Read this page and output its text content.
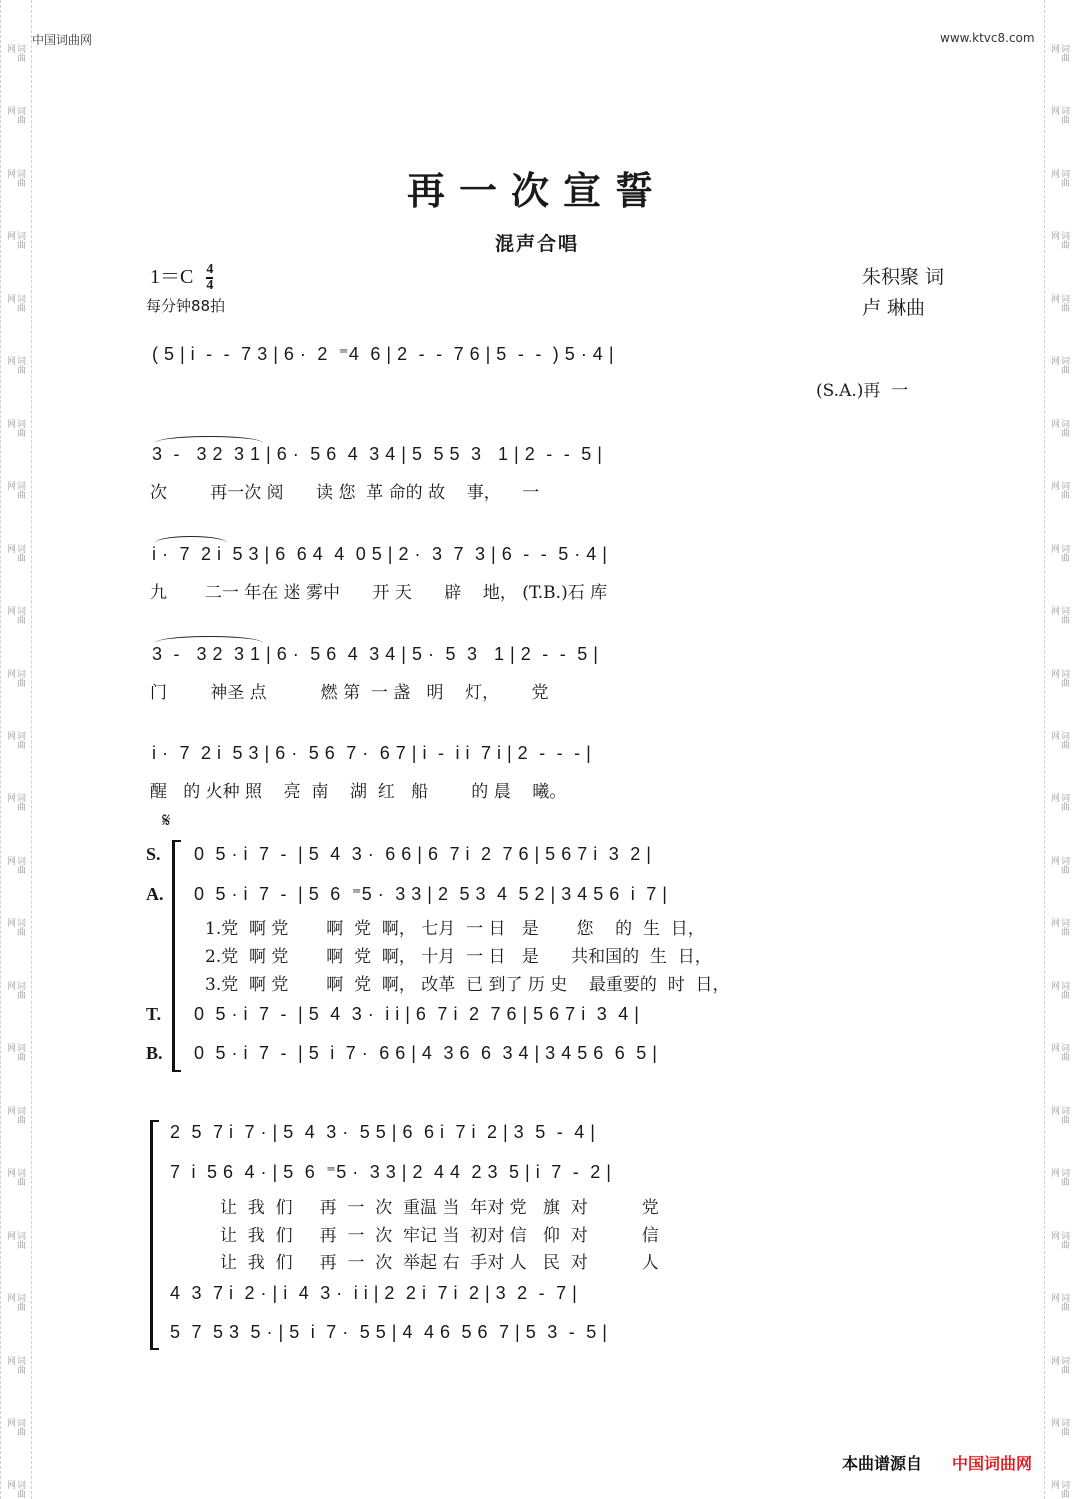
词曲网
词曲网
词曲网
词曲网
词曲网
词曲网
词曲网
词曲网
词曲网
词曲网
词曲网
词曲网
词曲网
词曲网
词曲网
词曲网
词曲网
词曲网
词曲网
词曲网
词曲网
词曲网
词曲网
词曲网
词曲网
词曲网
词曲网
词曲网
词曲网
词曲网
词曲网
词曲网
词曲网
词曲网
词曲网
词曲网
词曲网
词曲网
词曲网
词曲网
词曲网
词曲网
词曲网
词曲网
词曲网
词曲网
词曲网
词曲网
中国词曲网	www.ktvc8.com
再一次宣誓
混声合唱
$1=C \frac{4}{4}$
每分钟88拍
朱积聚 词
卢 琳曲
( 5 | i  -  -  7 3 | 6 ·  2  ⁼4  6 | 2  -  -  7 6 | 5  -  -  ) 5 · 4 |
(S.A.)再  一
3  -   3 2  3 1 | 6 ·  5 6  4  3 4 | 5  5 5  3   1 | 2  -  -  5 |
次        再一次 阅      读 您  革 命的 故    事，    一
i ·  7  2 i  5 3 | 6  6 4  4  0 5 | 2 ·  3  7  3 | 6  -  -  5 · 4 |
九       二一 年在 迷 雾中      开 天      辟    地， (T.B.)石 库
3  -   3 2  3 1 | 6 ·  5 6  4  3 4 | 5 ·  5  3   1 | 2  -  -  5 |
门        神圣 点          燃 第  一 盏   明    灯，      党
i ·  7  2 i  5 3 | 6 ·  5 6  7 ·  6 7 | i  -  i i  7 i | 2  -  -  - |
醒   的 火种 照    亮  南    湖  红   船        的 晨    曦。
𝄋
S.
A.
T.
B.
0  5 · i  7  -  | 5  4  3 ·  6 6 | 6  7 i  2  7 6 | 5 6 7 i  3  2 |
0  5 · i  7  -  | 5  6  ⁼5 ·  3 3 | 2  5 3  4  5 2 | 3 4 5 6  i  7 |
1.党  啊 党       啊  党  啊， 七月  一 日   是       您    的  生  日，
2.党  啊 党       啊  党  啊， 十月  一 日   是      共和国的  生  日，
3.党  啊 党       啊  党  啊， 改革  已 到了 历 史    最重要的  时  日，
0  5 · i  7  -  | 5  4  3 ·  i i | 6  7 i  2  7 6 | 5 6 7 i  3  4 |
0  5 · i  7  -  | 5  i  7 ·  6 6 | 4  3 6  6  3 4 | 3 4 5 6  6  5 |
2  5  7 i  7 · | 5  4  3 ·  5 5 | 6  6 i  7 i  2 | 3  5  -  4 |
7  i  5 6  4 · | 5  6  ⁼5 ·  3 3 | 2  4 4  2 3  5 | i  7  -  2 |
让  我  们     再  一  次  重温 当  年对 党   旗  对          党
让  我  们     再  一  次  牢记 当  初对 信   仰  对          信
让  我  们     再  一  次  举起 右  手对 人   民  对          人
4  3  7 i  2 · | i  4  3 ·  i i | 2  2 i  7 i  2 | 3  2  -  7 |
5  7  5 3  5 · | 5  i  7 ·  5 5 | 4  4 6  5 6  7 | 5  3  -  5 |
本曲谱源自 中国词曲网
